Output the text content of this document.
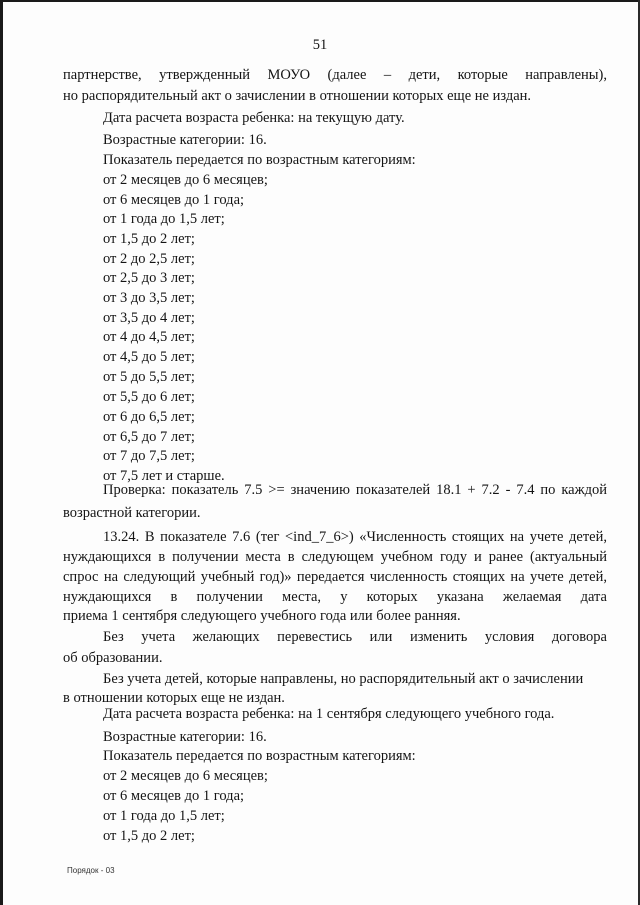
51
партнерстве, утвержденный МОУО (далее – дети, которые направлены),
но распорядительный акт о зачислении в отношении которых еще не издан.
Дата расчета возраста ребенка: на текущую дату.
Возрастные категории: 16.
Показатель передается по возрастным категориям:
от 2 месяцев до 6 месяцев;
от 6 месяцев до 1 года;
от 1 года до 1,5 лет;
от 1,5 до 2 лет;
от 2 до 2,5 лет;
от 2,5 до 3 лет;
от 3 до 3,5 лет;
от 3,5 до 4 лет;
от 4 до 4,5 лет;
от 4,5 до 5 лет;
от 5 до 5,5 лет;
от 5,5 до 6 лет;
от 6 до 6,5 лет;
от 6,5 до 7 лет;
от 7 до 7,5 лет;
от 7,5 лет и старше.
Проверка: показатель 7.5 >= значению показателей 18.1 + 7.2 - 7.4 по каждой
возрастной категории.
13.24. В показателе 7.6 (тег <ind_7_6>) «Численность стоящих на учете детей,
нуждающихся в получении места в следующем учебном году и ранее (актуальный
спрос на следующий учебный год)» передается численность стоящих на учете детей,
нуждающихся в получении места, у которых указана желаемая дата
приема 1 сентября следующего учебного года или более ранняя.
Без учета желающих перевестись или изменить условия договора
об образовании.
Без учета детей, которые направлены, но распорядительный акт о зачислении
в отношении которых еще не издан.
Дата расчета возраста ребенка: на 1 сентября следующего учебного года.
Возрастные категории: 16.
Показатель передается по возрастным категориям:
от 2 месяцев до 6 месяцев;
от 6 месяцев до 1 года;
от 1 года до 1,5 лет;
от 1,5 до 2 лет;
Порядок - 03
